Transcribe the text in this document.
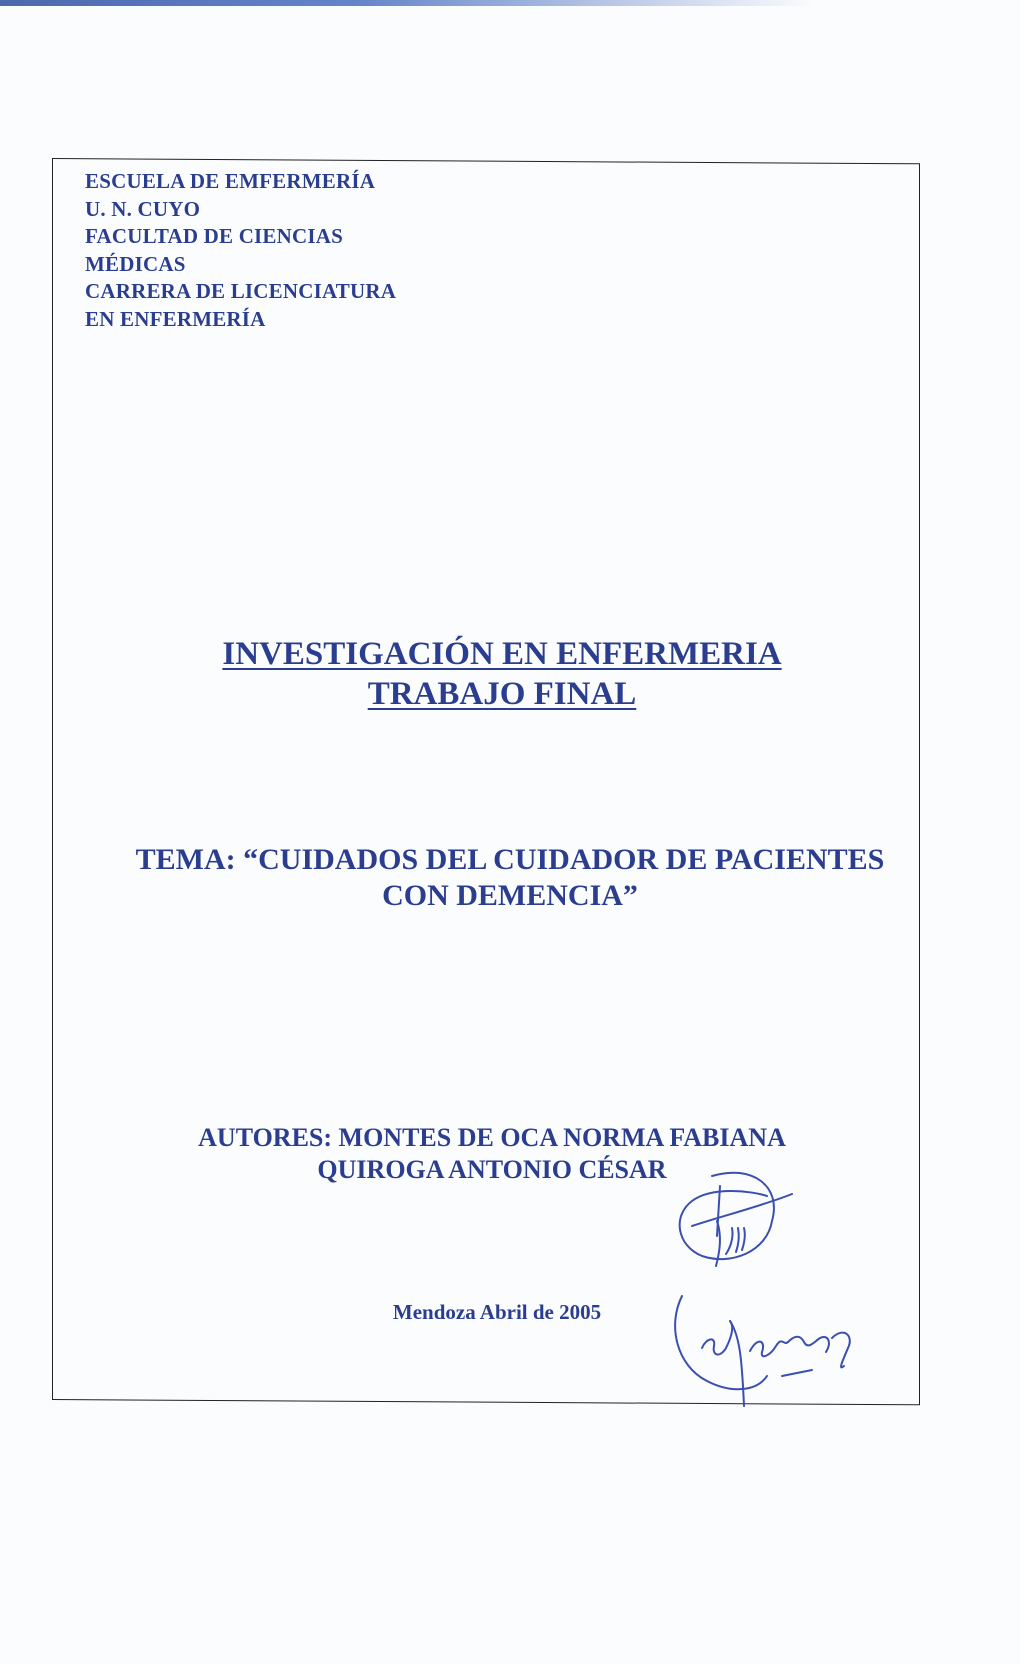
ESCUELA DE EMFERMERÍA
U. N. CUYO
FACULTAD DE CIENCIAS
MÉDICAS
CARRERA DE LICENCIATURA
EN ENFERMERÍA
INVESTIGACIÓN EN ENFERMERIA
TRABAJO FINAL
TEMA: “CUIDADOS DEL CUIDADOR DE PACIENTES
CON DEMENCIA”
AUTORES: MONTES DE OCA NORMA FABIANA
QUIROGA ANTONIO CÉSAR
Mendoza Abril de 2005
